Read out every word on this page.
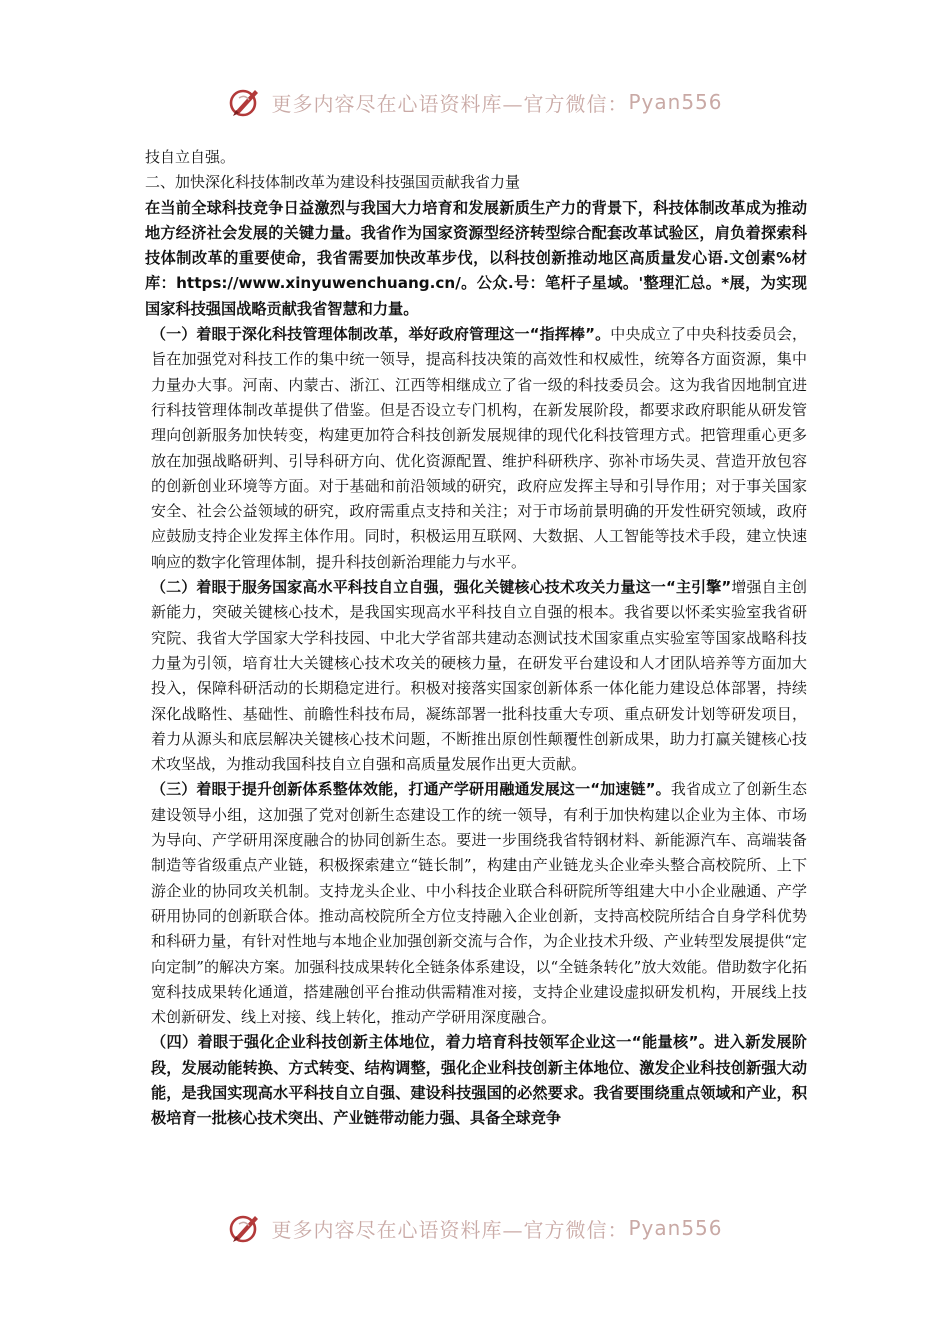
更多内容尽在心语资料库—官方微信： Pyan556

技自立自强。

二、加快深化科技体制改革为建设科技强国贡献我省力量

在当前全球科技竞争日益激烈与我国大力培育和发展新质生产力的背景下，科技体制改革成为推动地方经济社会发展的关键力量。我省作为国家资源型经济转型综合配套改革试验区，肩负着探索科技体制改革的重要使命，我省需要加快改革步伐，以科技创新推动地区高质量发心语.文创素%材库：https://www.xinyuwenchuang.cn/。公众.号：笔杆子星域。'整理汇总。*展，为实现国家科技强国战略贡献我省智慧和力量。

（一）着眼于深化科技管理体制改革，举好政府管理这一“指挥棒”。中央成立了中央科技委员会，旨在加强党对科技工作的集中统一领导，提高科技决策的高效性和权威性，统筹各方面资源，集中力量办大事。河南、内蒙古、浙江、江西等相继成立了省一级的科技委员会。这为我省因地制宜进行科技管理体制改革提供了借鉴。但是否设立专门机构，在新发展阶段，都要求政府职能从研发管理向创新服务加快转变，构建更加符合科技创新发展规律的现代化科技管理方式。把管理重心更多放在加强战略研判、引导科研方向、优化资源配置、维护科研秩序、弥补市场失灵、营造开放包容的创新创业环境等方面。对于基础和前沿领域的研究，政府应发挥主导和引导作用；对于事关国家安全、社会公益领域的研究，政府需重点支持和关注；对于市场前景明确的开发性研究领域，政府应鼓励支持企业发挥主体作用。同时，积极运用互联网、大数据、人工智能等技术手段，建立快速响应的数字化管理体制，提升科技创新治理能力与水平。

（二）着眼于服务国家高水平科技自立自强，强化关键核心技术攻关力量这一“主引擎”增强自主创新能力，突破关键核心技术，是我国实现高水平科技自立自强的根本。我省要以怀柔实验室我省研究院、我省大学国家大学科技园、中北大学省部共建动态测试技术国家重点实验室等国家战略科技力量为引领，培育壮大关键核心技术攻关的硬核力量，在研发平台建设和人才团队培养等方面加大投入，保障科研活动的长期稳定进行。积极对接落实国家创新体系一体化能力建设总体部署，持续深化战略性、基础性、前瞻性科技布局，凝练部署一批科技重大专项、重点研发计划等研发项目，着力从源头和底层解决关键核心技术问题，不断推出原创性颠覆性创新成果，助力打赢关键核心技术攻坚战，为推动我国科技自立自强和高质量发展作出更大贡献。

（三）着眼于提升创新体系整体效能，打通产学研用融通发展这一“加速链”。我省成立了创新生态建设领导小组，这加强了党对创新生态建设工作的统一领导，有利于加快构建以企业为主体、市场为导向、产学研用深度融合的协同创新生态。要进一步围绕我省特钢材料、新能源汽车、高端装备制造等省级重点产业链，积极探索建立“链长制”，构建由产业链龙头企业牵头整合高校院所、上下游企业的协同攻关机制。支持龙头企业、中小科技企业联合科研院所等组建大中小企业融通、产学研用协同的创新联合体。推动高校院所全方位支持融入企业创新，支持高校院所结合自身学科优势和科研力量，有针对性地与本地企业加强创新交流与合作，为企业技术升级、产业转型发展提供“定向定制”的解决方案。加强科技成果转化全链条体系建设，以“全链条转化”放大效能。借助数字化拓宽科技成果转化通道，搭建融创平台推动供需精准对接，支持企业建设虚拟研发机构，开展线上技术创新研发、线上对接、线上转化，推动产学研用深度融合。

（四）着眼于强化企业科技创新主体地位，着力培育科技领军企业这一“能量核”。进入新发展阶段，发展动能转换、方式转变、结构调整，强化企业科技创新主体地位、激发企业科技创新强大动能，是我国实现高水平科技自立自强、建设科技强国的必然要求。我省要围绕重点领域和产业，积极培育一批核心技术突出、产业链带动能力强、具备全球竞争

更多内容尽在心语资料库—官方微信： Pyan556
